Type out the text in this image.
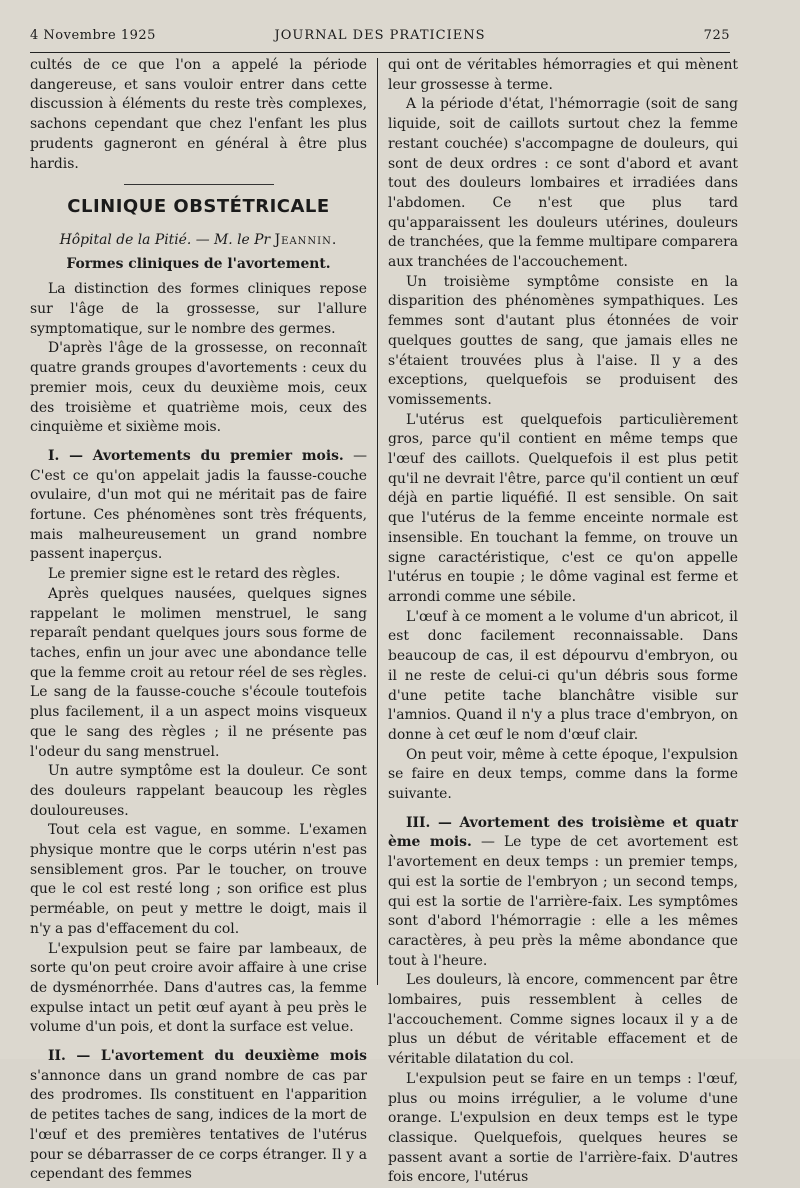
4 Novembre 1925	JOURNAL DES PRATICIENS	725

cultés de ce que l'on a appelé la période dangereuse, et sans vouloir entrer dans cette discussion à éléments du reste très complexes, sachons cependant que chez l'enfant les plus prudents gagneront en général à être plus hardis.

CLINIQUE OBSTÉTRICALE

Hôpital de la Pitié. — M. le Pr Jeannin.

Formes cliniques de l'avortement.

La distinction des formes cliniques repose sur l'âge de la grossesse, sur l'allure symptomatique, sur le nombre des germes.

D'après l'âge de la grossesse, on reconnaît quatre grands groupes d'avortements : ceux du premier mois, ceux du deuxième mois, ceux des troisième et quatrième mois, ceux des cinquième et sixième mois.

I. — Avortements du premier mois. — C'est ce qu'on appelait jadis la fausse-couche ovulaire, d'un mot qui ne méritait pas de faire fortune. Ces phénomènes sont très fréquents, mais malheureusement un grand nombre passent inaperçus.

Le premier signe est le retard des règles.

Après quelques nausées, quelques signes rappelant le molimen menstruel, le sang reparaît pendant quelques jours sous forme de taches, enfin un jour avec une abondance telle que la femme croit au retour réel de ses règles. Le sang de la fausse-couche s'écoule toutefois plus facilement, il a un aspect moins visqueux que le sang des règles ; il ne présente pas l'odeur du sang menstruel.

Un autre symptôme est la douleur. Ce sont des douleurs rappelant beaucoup les règles douloureuses.

Tout cela est vague, en somme. L'examen physique montre que le corps utérin n'est pas sensiblement gros. Par le toucher, on trouve que le col est resté long ; son orifice est plus perméable, on peut y mettre le doigt, mais il n'y a pas d'effacement du col.

L'expulsion peut se faire par lambeaux, de sorte qu'on peut croire avoir affaire à une crise de dysménorrhée. Dans d'autres cas, la femme expulse intact un petit œuf ayant à peu près le volume d'un pois, et dont la surface est velue.

II. — L'avortement du deuxième mois s'annonce dans un grand nombre de cas par des prodromes. Ils constituent en l'apparition de petites taches de sang, indices de la mort de l'œuf et des premières tentatives de l'utérus pour se débarrasser de ce corps étranger. Il y a cependant des femmes

qui ont de véritables hémorragies et qui mènent leur grossesse à terme.

A la période d'état, l'hémorragie (soit de sang liquide, soit de caillots surtout chez la femme restant couchée) s'accompagne de douleurs, qui sont de deux ordres : ce sont d'abord et avant tout des douleurs lombaires et irradiées dans l'abdomen. Ce n'est que plus tard qu'apparaissent les douleurs utérines, douleurs de tranchées, que la femme multipare comparera aux tranchées de l'accouchement.

Un troisième symptôme consiste en la disparition des phénomènes sympathiques. Les femmes sont d'autant plus étonnées de voir quelques gouttes de sang, que jamais elles ne s'étaient trouvées plus à l'aise. Il y a des exceptions, quelquefois se produisent des vomissements.

L'utérus est quelquefois particulièrement gros, parce qu'il contient en même temps que l'œuf des caillots. Quelquefois il est plus petit qu'il ne devrait l'être, parce qu'il contient un œuf déjà en partie liquéfié. Il est sensible. On sait que l'utérus de la femme enceinte normale est insensible. En touchant la femme, on trouve un signe caractéristique, c'est ce qu'on appelle l'utérus en toupie ; le dôme vaginal est ferme et arrondi comme une sébile.

L'œuf à ce moment a le volume d'un abricot, il est donc facilement reconnaissable. Dans beaucoup de cas, il est dépourvu d'embryon, ou il ne reste de celui-ci qu'un débris sous forme d'une petite tache blanchâtre visible sur l'amnios. Quand il n'y a plus trace d'embryon, on donne à cet œuf le nom d'œuf clair.

On peut voir, même à cette époque, l'expulsion se faire en deux temps, comme dans la forme suivante.

III. — Avortement des troisième et quatr ème mois. — Le type de cet avortement est l'avortement en deux temps : un premier temps, qui est la sortie de l'embryon ; un second temps, qui est la sortie de l'arrière-faix. Les symptômes sont d'abord l'hémorragie : elle a les mêmes caractères, à peu près la même abondance que tout à l'heure.

Les douleurs, là encore, commencent par être lombaires, puis ressemblent à celles de l'accouchement. Comme signes locaux il y a de plus un début de véritable effacement et de véritable dilatation du col.

L'expulsion peut se faire en un temps : l'œuf, plus ou moins irrégulier, a le volume d'une orange. L'expulsion en deux temps est le type classique. Quelquefois, quelques heures se passent avant a sortie de l'arrière-faix. D'autres fois encore, l'utérus
